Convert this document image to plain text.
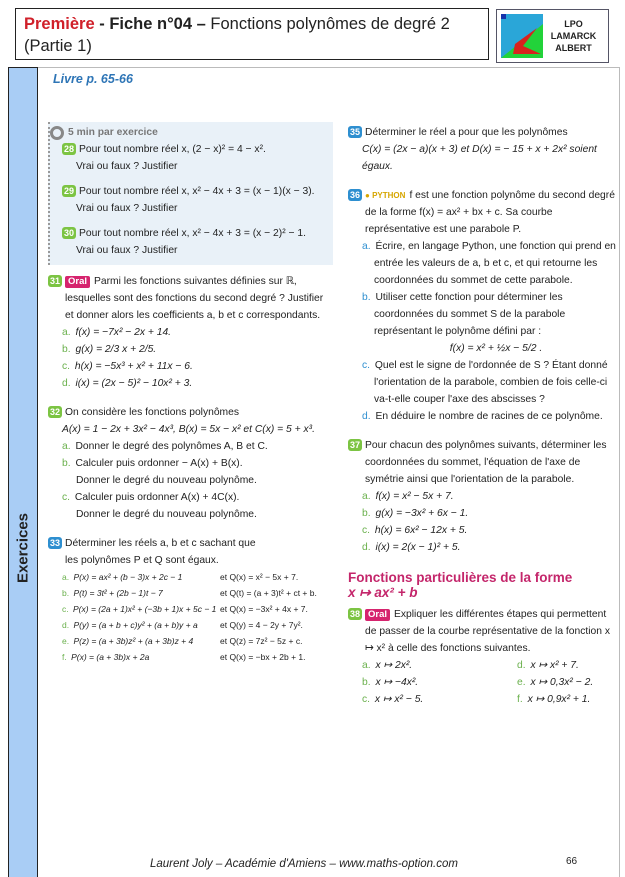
Première - Fiche n°04 – Fonctions polynômes de degré 2
(Partie 1)
LPO LAMARCK
ALBERT
Exercices
Livre p. 65-66
5 min par exercice
28 Pour tout nombre réel x, (2 − x)² = 4 − x².
Vrai ou faux ? Justifier
29 Pour tout nombre réel x, x² − 4x + 3 = (x − 1)(x − 3).
Vrai ou faux ? Justifier
30 Pour tout nombre réel x, x² − 4x + 3 = (x − 2)² − 1.
Vrai ou faux ? Justifier
31 Oral Parmi les fonctions suivantes définies sur ℝ, lesquelles sont des fonctions du second degré ? Justifier et donner alors les coefficients a, b et c correspondants.
a. f(x) = −7x² − 2x + 14.
b. g(x) = 2/3 x + 2/5.
c. h(x) = −5x³ + x² + 11x − 6.
d. i(x) = (2x − 5)² − 10x² + 3.
32 On considère les fonctions polynômes
A(x) = 1 − 2x + 3x² − 4x³, B(x) = 5x − x² et C(x) = 5 + x³.
a. Donner le degré des polynômes A, B et C.
b. Calculer puis ordonner − A(x) + B(x).
Donner le degré du nouveau polynôme.
c. Calculer puis ordonner A(x) + 4C(x).
Donner le degré du nouveau polynôme.
33 Déterminer les réels a, b et c sachant que les polynômes P et Q sont égaux.
a. P(x) = ax² + (b − 3)x + 2c − 1	et Q(x) = x² − 5x + 7.
b. P(t) = 3t² + (2b − 1)t − 7	et Q(t) = (a + 3)t² + ct + b.
c. P(x) = (2a + 1)x² + (−3b + 1)x + 5c − 1 et Q(x) = −3x² + 4x + 7.
d. P(y) = (a + b + c)y² + (a + b)y + a	et Q(y) = 4 − 2y + 7y².
e. P(z) = (a + 3b)z² + (a + 3b)z + 4	et Q(z) = 7z² − 5z + c.
f. P(x) = (a + 3b)x + 2a	et Q(x) = −bx + 2b + 1.
35 Déterminer le réel a pour que les polynômes
C(x) = (2x − a)(x + 3) et D(x) = − 15 + x + 2x² soient égaux.
36 ● PYTHON f est une fonction polynôme du second degré de la forme f(x) = ax² + bx + c. Sa courbe représentative est une parabole P.
a. Écrire, en langage Python, une fonction qui prend en entrée les valeurs de a, b et c, et qui retourne les coordonnées du sommet de cette parabole.
b. Utiliser cette fonction pour déterminer les coordonnées du sommet S de la parabole représentant le polynôme défini par :
f(x) = x² + ½x − 5/2 .
c. Quel est le signe de l'ordonnée de S ? Étant donné l'orientation de la parabole, combien de fois celle-ci va-t-elle couper l'axe des abscisses ?
d. En déduire le nombre de racines de ce polynôme.
37 Pour chacun des polynômes suivants, déterminer les coordonnées du sommet, l'équation de l'axe de symétrie ainsi que l'orientation de la parabole.
a. f(x) = x² − 5x + 7.
b. g(x) = −3x² + 6x − 1.
c. h(x) = 6x² − 12x + 5.
d. i(x) = 2(x − 1)² + 5.
Fonctions particulières de la forme
x ↦ ax² + b
38 Oral Expliquer les différentes étapes qui permettent de passer de la courbe représentative de la fonction x ↦ x² à celle des fonctions suivantes.
a. x ↦ 2x².	d. x ↦ x² + 7.
b. x ↦ −4x².	e. x ↦ 0,3x² − 2.
c. x ↦ x² − 5.	f. x ↦ 0,9x² + 1.
Laurent Joly – Académie d'Amiens – www.maths-option.com	66
